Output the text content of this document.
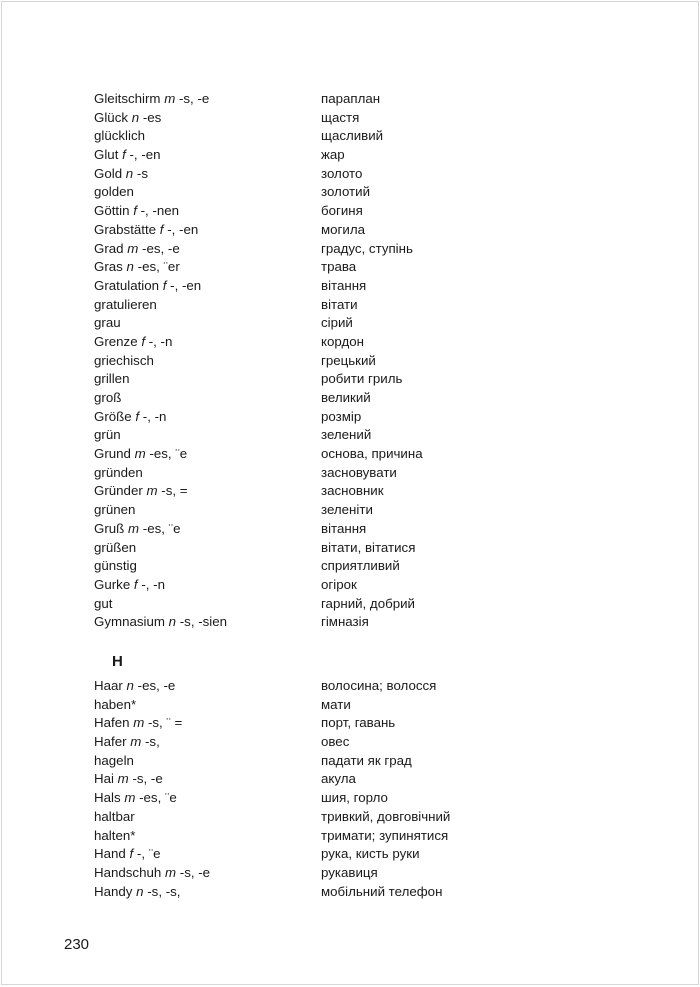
Gleitschirm m -s, -e	параплан
Glück n -es	щастя
glücklich	щасливий
Glut f -, -en	жар
Gold n -s	золото
golden	золотий
Göttin f -, -nen	богиня
Grabstätte f -, -en	могила
Grad m -es, -e	градус, ступінь
Gras n -es, ¨er	трава
Gratulation f -, -en	вітання
gratulieren	вітати
grau	сірий
Grenze f -, -n	кордон
griechisch	грецький
grillen	робити гриль
groß	великий
Größe f -, -n	розмір
grün	зелений
Grund m -es, ¨e	основа, причина
gründen	засновувати
Gründer m -s, =	засновник
grünen	зеленіти
Gruß m -es, ¨e	вітання
grüßen	вітати, вітатися
günstig	сприятливий
Gurke f -, -n	огірок
gut	гарний, добрий
Gymnasium n -s, -sien	гімназія
H
Haar n -es, -e	волосина; волосся
haben*	мати
Hafen m -s, ¨ =	порт, гавань
Hafer m -s,	овес
hageln	падати як град
Hai m -s, -e	акула
Hals m -es, ¨e	шия, горло
haltbar	тривкий, довговічний
halten*	тримати; зупинятися
Hand f -, ¨e	рука, кисть руки
Handschuh m -s, -e	рукавиця
Handy n -s, -s,	мобільний телефон
230
